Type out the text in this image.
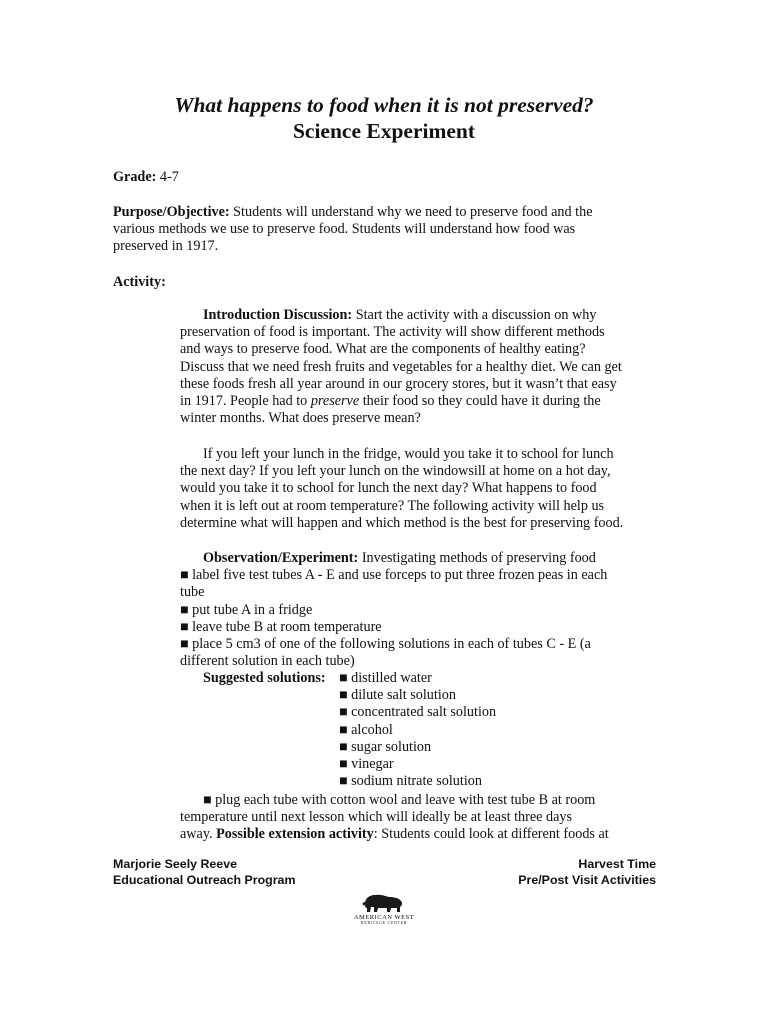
What happens to food when it is not preserved?
Science Experiment

Grade: 4-7

Purpose/Objective: Students will understand why we need to preserve food and the
various methods we use to preserve food. Students will understand how food was
preserved in 1917.

Activity:

Introduction Discussion: Start the activity with a discussion on why
preservation of food is important. The activity will show different methods
and ways to preserve food. What are the components of healthy eating?
Discuss that we need fresh fruits and vegetables for a healthy diet. We can get
these foods fresh all year around in our grocery stores, but it wasn’t that easy
in 1917. People had to preserve their food so they could have it during the
winter months. What does preserve mean?

If you left your lunch in the fridge, would you take it to school for lunch
the next day? If you left your lunch on the windowsill at home on a hot day,
would you take it to school for lunch the next day? What happens to food
when it is left out at room temperature? The following activity will help us
determine what will happen and which method is the best for preserving food.

Observation/Experiment: Investigating methods of preserving food
■ label five test tubes A - E and use forceps to put three frozen peas in each
tube
■ put tube A in a fridge
■ leave tube B at room temperature
■ place 5 cm3 of one of the following solutions in each of tubes C - E (a
different solution in each tube)

Suggested solutions: ■ distilled water
■ dilute salt solution
■ concentrated salt solution
■ alcohol
■ sugar solution
■ vinegar
■ sodium nitrate solution

■ plug each tube with cotton wool and leave with test tube B at room
temperature until next lesson which will ideally be at least three days
away. Possible extension activity: Students could look at different foods at

Marjorie Seely Reeve
Educational Outreach Program
Harvest Time
Pre/Post Visit Activities
AMERICAN WEST
HERITAGE CENTER
